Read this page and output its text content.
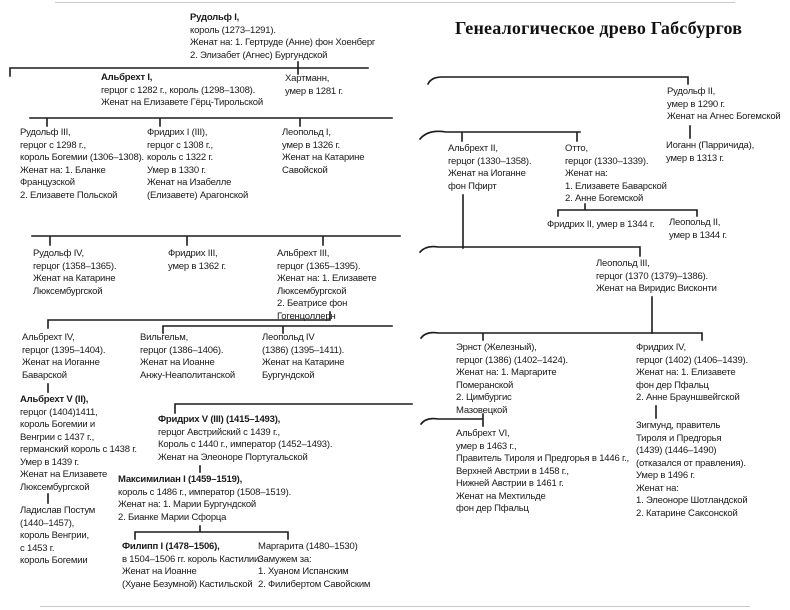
Генеалогическое древо Габсбургов
Рудольф I,
король (1273–1291).
Женат на: 1. Гертруде (Анне) фон Хоенберг
2. Элизабет (Агнес) Бургундской
Альбрехт I,
герцог с 1282 г., король (1298–1308).
Женат на Елизавете Гёрц-Тирольской
Хартманн,
умер в 1281 г.
Рудольф III,
герцог с 1298 г.,
король Богемии (1306–1308).
Женат на: 1. Бланке
Французской
2. Елизавете Польской
Фридрих I (III),
герцог с 1308 г.,
король с 1322 г.
Умер в 1330 г.
Женат на Изабелле
(Елизавете) Арагонской
Леопольд I,
умер в 1326 г.
Женат на Катарине
Савойской
Рудольф IV,
герцог (1358–1365).
Женат на Катарине
Люксембургской
Фридрих III,
умер в 1362 г.
Альбрехт III,
герцог (1365–1395).
Женат на: 1. Елизавете
Люксембургской
2. Беатрисе фон
Гогенцоллерн
Альбрехт IV,
герцог (1395–1404).
Женат на Иоганне
Баварской
Вильгельм,
герцог (1386–1406).
Женат на Иоанне
Анжу-Неаполитанской
Леопольд IV
(1386) (1395–1411).
Женат на Катарине
Бургундской
Альбрехт V (II),
герцог (1404)1411,
король Богемии и
Венгрии с 1437 г.,
германский король с 1438 г.
Умер в 1439 г.
Женат на Елизавете
Люксембургской
Ладислав Постум
(1440–1457),
король Венгрии,
с 1453 г.
король Богемии
Фридрих V (III) (1415–1493),
герцог Австрийский с 1439 г.,
Король с 1440 г., император (1452–1493).
Женат на Элеоноре Португальской
Максимилиан I (1459–1519),
король с 1486 г., император (1508–1519).
Женат на: 1. Марии Бургундской
2. Бианке Марии Сфорца
Филипп I (1478–1506),
в 1504–1506 гг. король Кастилии.
Женат на Иоанне
(Хуане Безумной) Кастильской
Маргарита (1480–1530)
Замужем за:
1. Хуаном Испанским
2. Филибертом Савойским
Рудольф II,
умер в 1290 г.
Женат на Агнес Богемской
Иоганн (Парричида),
умер в 1313 г.
Альбрехт II,
герцог (1330–1358).
Женат на Иоганне
фон Пфирт
Отто,
герцог (1330–1339).
Женат на:
1. Елизавете Баварской
2. Анне Богемской
Фридрих II, умер в 1344 г. Леопольд II,
умер в 1344 г.
Леопольд III,
герцог (1370 (1379)–1386).
Женат на Виридис Висконти
Эрнст (Железный),
герцог (1386) (1402–1424).
Женат на: 1. Маргарите
Померанской
2. Цимбургис
Мазовецкой
Фридрих IV,
герцог (1402) (1406–1439).
Женат на: 1. Елизавете
фон дер Пфальц
2. Анне Брауншвейгской
Альбрехт VI,
умер в 1463 г.,
Правитель Тироля и Предгорья в 1446 г.,
Верхней Австрии в 1458 г.,
Нижней Австрии в 1461 г.
Женат на Мехтильде
фон дер Пфальц
Зигмунд, правитель
Тироля и Предгорья
(1439) (1446–1490)
(отказался от правления).
Умер в 1496 г.
Женат на:
1. Элеоноре Шотландской
2. Катарине Саксонской
